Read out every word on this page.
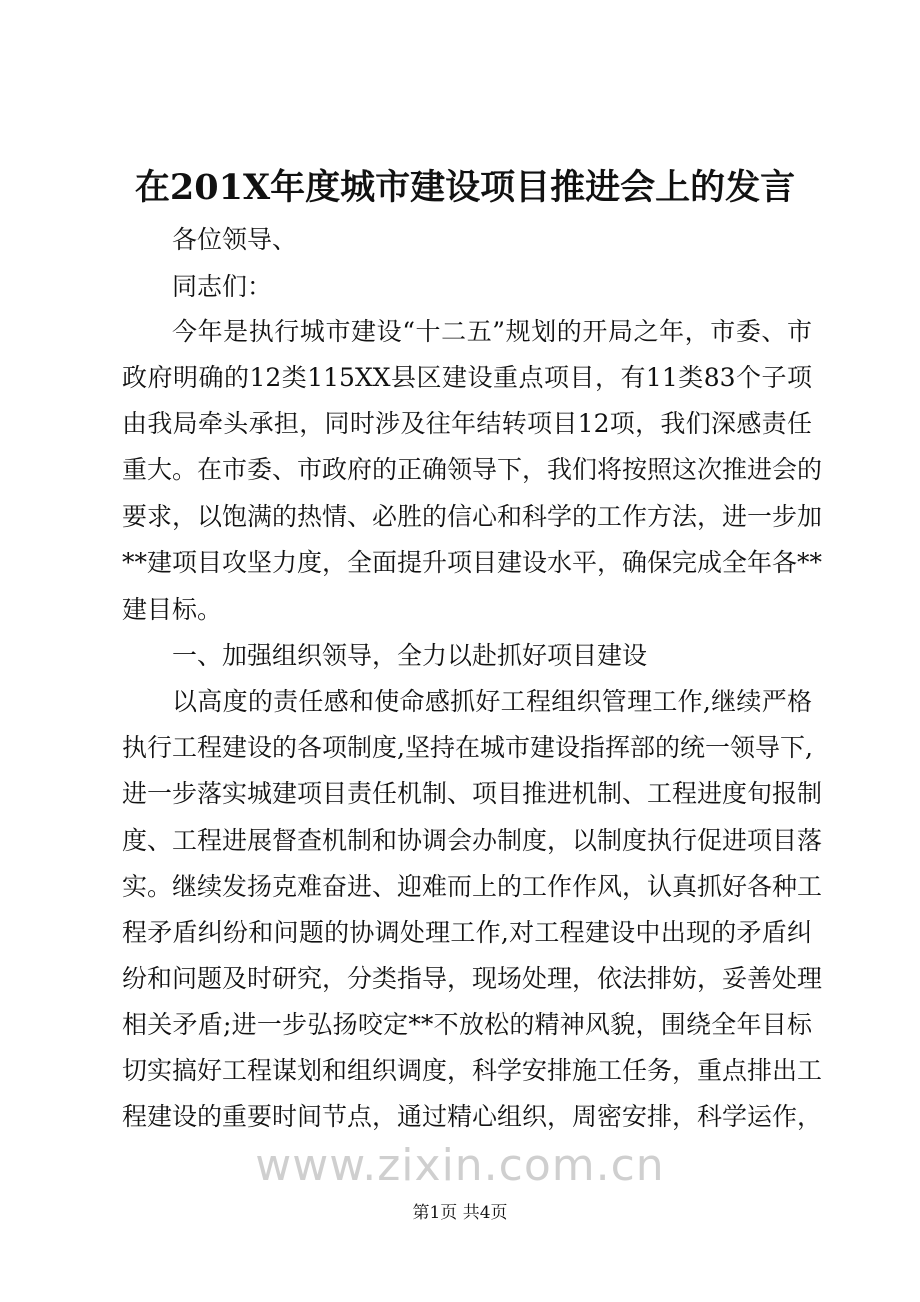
在201X年度城市建设项目推进会上的发言
各位领导、
同志们：
今年是执行城市建设“十二五”规划的开局之年，市委、市
政府明确的12类115XX县区建设重点项目，有11类83个子项
由我局牵头承担，同时涉及往年结转项目12项，我们深感责任
重大。在市委、市政府的正确领导下，我们将按照这次推进会的
要求，以饱满的热情、必胜的信心和科学的工作方法，进一步加
**建项目攻坚力度，全面提升项目建设水平，确保完成全年各**
建目标。
一、加强组织领导，全力以赴抓好项目建设
以高度的责任感和使命感抓好工程组织管理工作,继续严格
执行工程建设的各项制度,坚持在城市建设指挥部的统一领导下,
进一步落实城建项目责任机制、项目推进机制、工程进度旬报制
度、工程进展督查机制和协调会办制度，以制度执行促进项目落
实。继续发扬克难奋进、迎难而上的工作作风，认真抓好各种工
程矛盾纠纷和问题的协调处理工作,对工程建设中出现的矛盾纠
纷和问题及时研究，分类指导，现场处理，依法排妨，妥善处理
相关矛盾;进一步弘扬咬定**不放松的精神风貌，围绕全年目标
切实搞好工程谋划和组织调度，科学安排施工任务，重点排出工
程建设的重要时间节点，通过精心组织，周密安排，科学运作，
www.zixin.com.cn
第1页 共4页
